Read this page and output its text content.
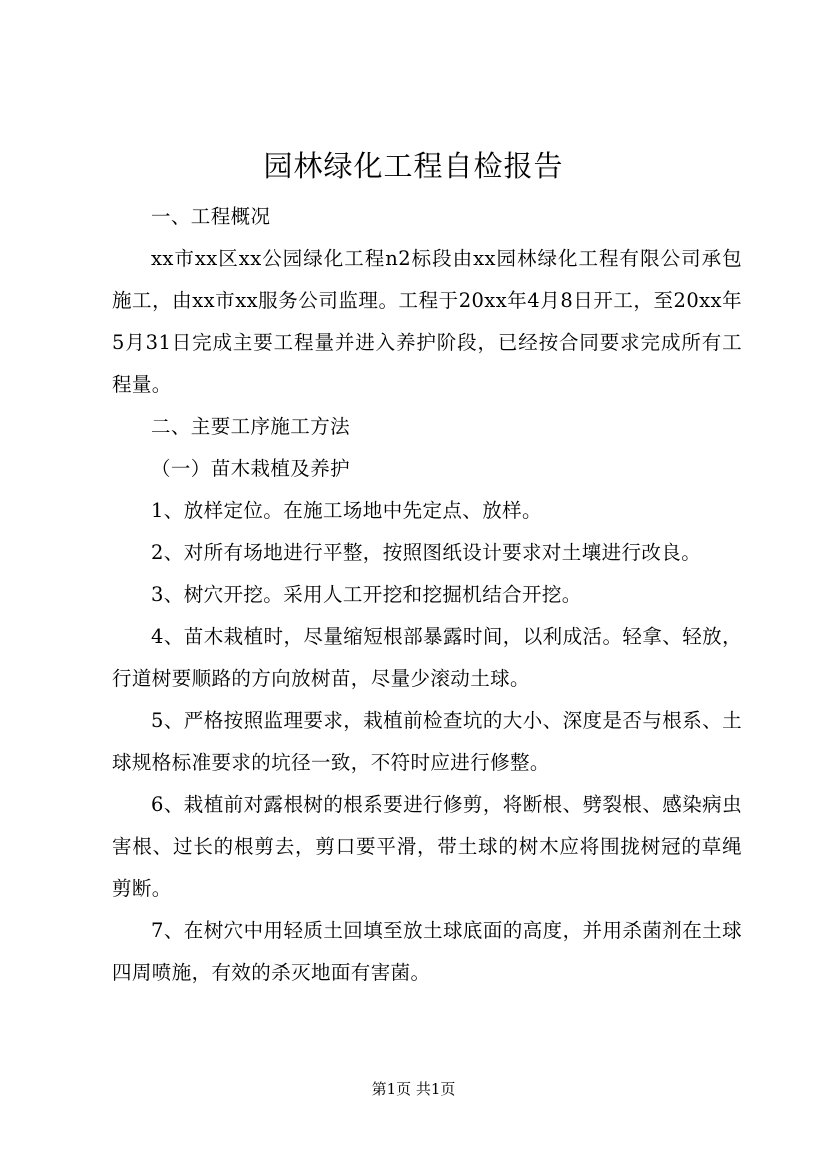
园林绿化工程自检报告

一、工程概况

xx市xx区xx公园绿化工程n2标段由xx园林绿化工程有限公司承包施工，由xx市xx服务公司监理。工程于20xx年4月8日开工，至20xx年5月31日完成主要工程量并进入养护阶段，已经按合同要求完成所有工程量。

二、主要工序施工方法

（一）苗木栽植及养护

1、放样定位。在施工场地中先定点、放样。

2、对所有场地进行平整，按照图纸设计要求对土壤进行改良。

3、树穴开挖。采用人工开挖和挖掘机结合开挖。

4、苗木栽植时，尽量缩短根部暴露时间，以利成活。轻拿、轻放，行道树要顺路的方向放树苗，尽量少滚动土球。

5、严格按照监理要求，栽植前检查坑的大小、深度是否与根系、土球规格标准要求的坑径一致，不符时应进行修整。

6、栽植前对露根树的根系要进行修剪，将断根、劈裂根、感染病虫害根、过长的根剪去，剪口要平滑，带土球的树木应将围拢树冠的草绳剪断。

7、在树穴中用轻质土回填至放土球底面的高度，并用杀菌剂在土球四周喷施，有效的杀灭地面有害菌。

第1页 共1页
